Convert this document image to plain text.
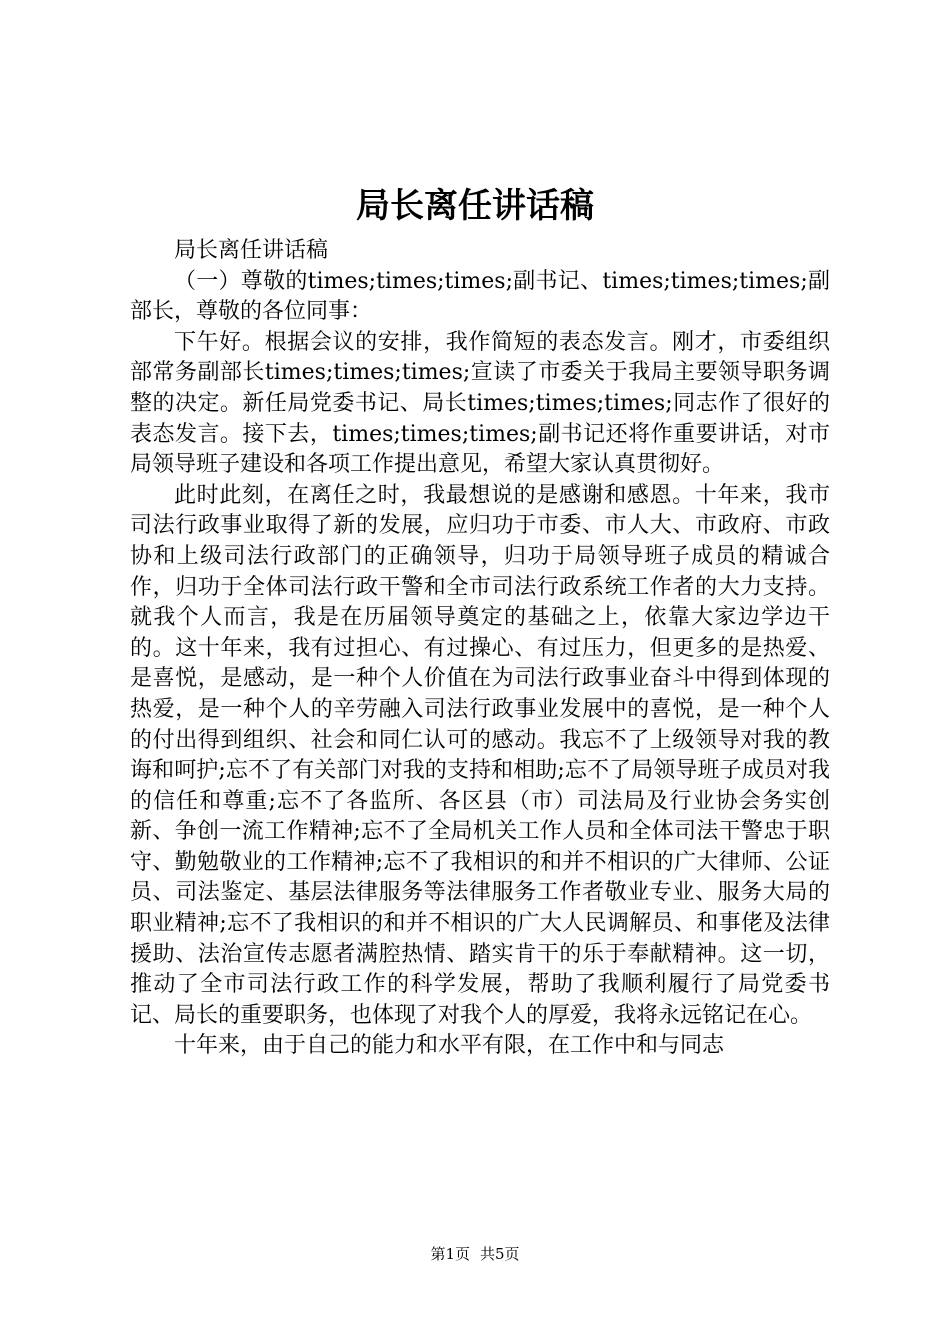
局长离任讲话稿

局长离任讲话稿

（一）尊敬的times;times;times;副书记、times;times;times;副部长，尊敬的各位同事：

下午好。根据会议的安排，我作简短的表态发言。刚才，市委组织部常务副部长times;times;times;宣读了市委关于我局主要领导职务调整的决定。新任局党委书记、局长times;times;times;同志作了很好的表态发言。接下去，times;times;times;副书记还将作重要讲话，对市局领导班子建设和各项工作提出意见，希望大家认真贯彻好。

此时此刻，在离任之时，我最想说的是感谢和感恩。十年来，我市司法行政事业取得了新的发展，应归功于市委、市人大、市政府、市政协和上级司法行政部门的正确领导，归功于局领导班子成员的精诚合作，归功于全体司法行政干警和全市司法行政系统工作者的大力支持。就我个人而言，我是在历届领导奠定的基础之上，依靠大家边学边干的。这十年来，我有过担心、有过操心、有过压力，但更多的是热爱、是喜悦，是感动，是一种个人价值在为司法行政事业奋斗中得到体现的热爱，是一种个人的辛劳融入司法行政事业发展中的喜悦，是一种个人的付出得到组织、社会和同仁认可的感动。我忘不了上级领导对我的教诲和呵护;忘不了有关部门对我的支持和相助;忘不了局领导班子成员对我的信任和尊重;忘不了各监所、各区县（市）司法局及行业协会务实创新、争创一流工作精神;忘不了全局机关工作人员和全体司法干警忠于职守、勤勉敬业的工作精神;忘不了我相识的和并不相识的广大律师、公证员、司法鉴定、基层法律服务等法律服务工作者敬业专业、服务大局的职业精神;忘不了我相识的和并不相识的广大人民调解员、和事佬及法律援助、法治宣传志愿者满腔热情、踏实肯干的乐于奉献精神。这一切，推动了全市司法行政工作的科学发展，帮助了我顺利履行了局党委书记、局长的重要职务，也体现了对我个人的厚爱，我将永远铭记在心。

十年来，由于自己的能力和水平有限，在工作中和与同志

第1页 共5页
